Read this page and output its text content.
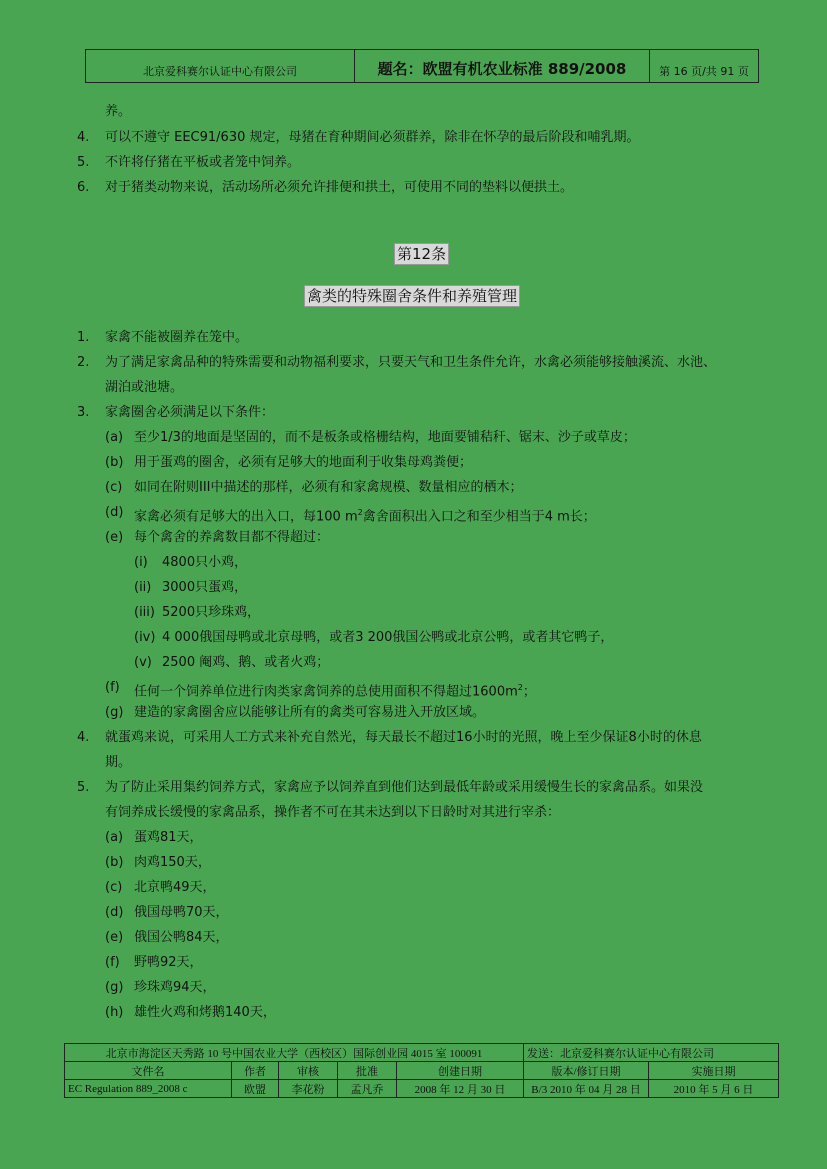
北京爱科赛尔认证中心有限公司	题名：欧盟有机农业标准 889/2008	第 16 页/共 91 页
养。
4. 可以不遵守 EEC91/630 规定，母猪在育种期间必须群养，除非在怀孕的最后阶段和哺乳期。
5. 不许将仔猪在平板或者笼中饲养。
6. 对于猪类动物来说，活动场所必须允许排便和拱土，可使用不同的垫料以便拱土。
第12条
禽类的特殊圈舍条件和养殖管理
1. 家禽不能被圈养在笼中。
2. 为了满足家禽品种的特殊需要和动物福利要求，只要天气和卫生条件允许，水禽必须能够接触溪流、水池、
湖泊或池塘。
3. 家禽圈舍必须满足以下条件：
(a) 至少1/3的地面是坚固的，而不是板条或格栅结构，地面要铺秸秆、锯末、沙子或草皮；
(b) 用于蛋鸡的圈舍，必须有足够大的地面利于收集母鸡粪便；
(c) 如同在附则III中描述的那样，必须有和家禽规模、数量相应的栖木；
(d) 家禽必须有足够大的出入口，每100 $m^2$禽舍面积出入口之和至少相当于4 m长；
(e) 每个禽舍的养禽数目都不得超过：
(i) 4800只小鸡，
(ii) 3000只蛋鸡，
(iii) 5200只珍珠鸡，
(iv) 4 000俄国母鸭或北京母鸭，或者3 200俄国公鸭或北京公鸭，或者其它鸭子，
(v) 2500 阉鸡、鹅、或者火鸡；
(f) 任何一个饲养单位进行肉类家禽饲养的总使用面积不得超过$1600m^2$；
(g) 建造的家禽圈舍应以能够让所有的禽类可容易进入开放区域。
4. 就蛋鸡来说，可采用人工方式来补充自然光，每天最长不超过16小时的光照，晚上至少保证8小时的休息
期。
5. 为了防止采用集约饲养方式，家禽应予以饲养直到他们达到最低年龄或采用缓慢生长的家禽品系。如果没
有饲养成长缓慢的家禽品系，操作者不可在其未达到以下日龄时对其进行宰杀：
(a) 蛋鸡81天，
(b) 肉鸡150天，
(c) 北京鸭49天，
(d) 俄国母鸭70天，
(e) 俄国公鸭84天，
(f) 野鸭92天，
(g) 珍珠鸡94天，
(h) 雄性火鸡和烤鹅140天，
北京市海淀区天秀路 10 号中国农业大学（西校区）国际创业园 4015 室 100091					发送：北京爱科赛尔认证中心有限公司	
文件名	作者	审核	批准	创建日期	版本/修订日期	实施日期
EC Regulation 889_2008 c	欧盟	李花粉	孟凡乔	2008 年 12 月 30 日	B/3 2010 年 04 月 28 日	2010 年 5 月 6 日
